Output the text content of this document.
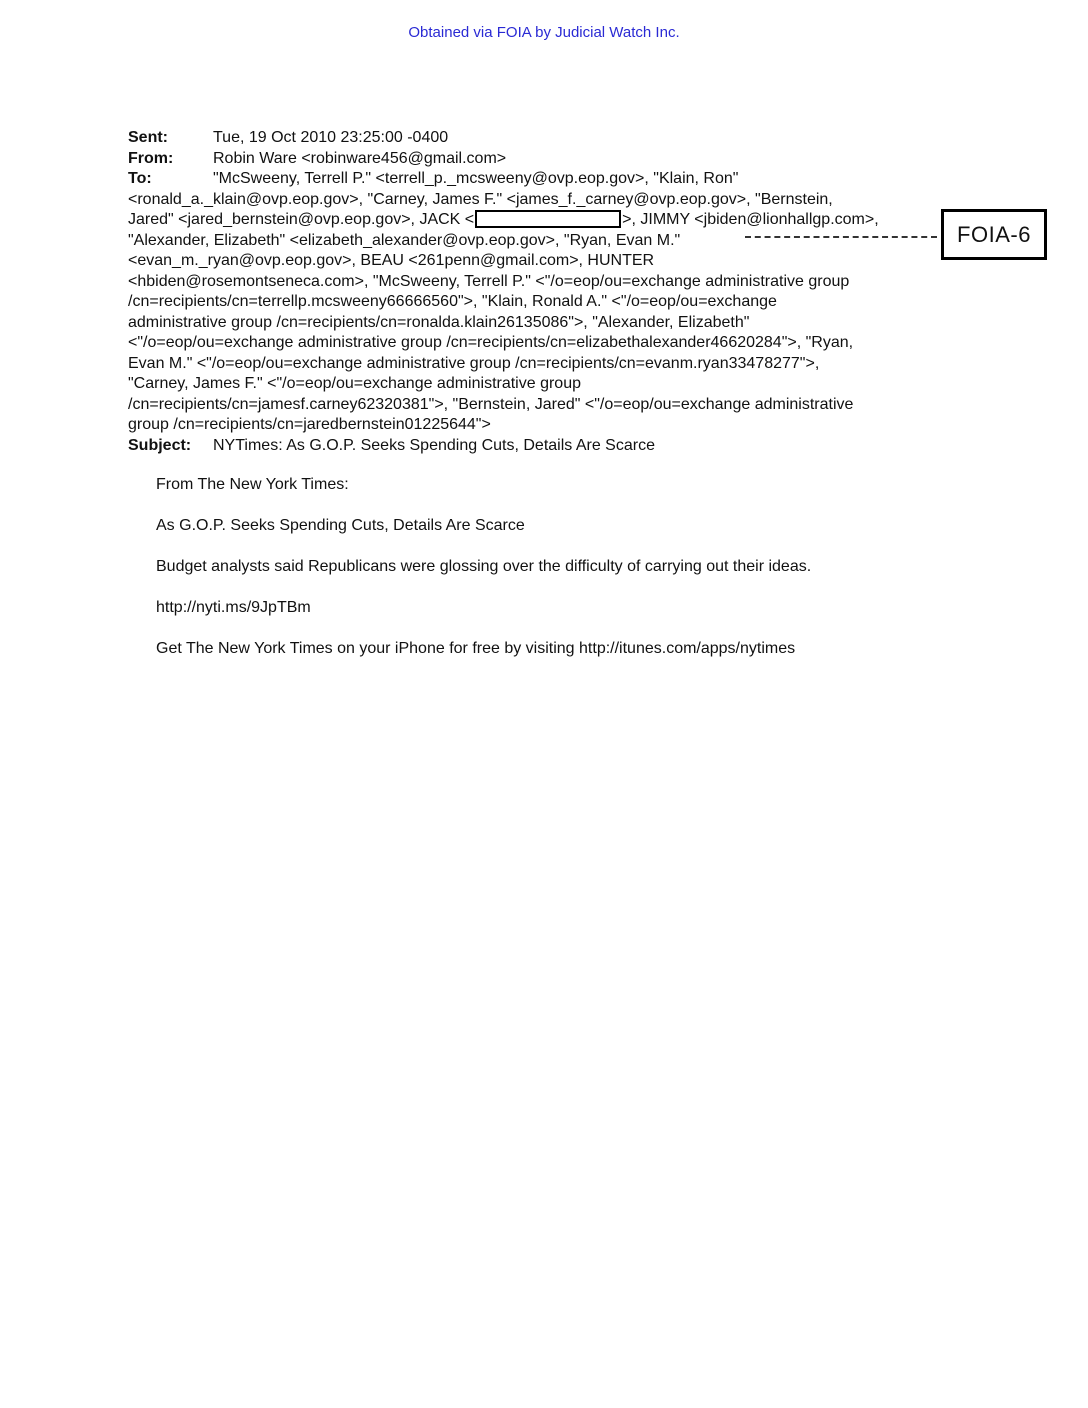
Obtained via FOIA by Judicial Watch Inc.
Sent:	Tue, 19 Oct 2010 23:25:00 -0400
From:	Robin Ware <robinware456@gmail.com>
To:	"McSweeny, Terrell P." <terrell_p._mcsweeny@ovp.eop.gov>, "Klain, Ron"
<ronald_a._klain@ovp.eop.gov>, "Carney, James F." <james_f._carney@ovp.eop.gov>, "Bernstein,
Jared" <jared_bernstein@ovp.eop.gov>, JACK <	>, JIMMY <jbiden@lionhallgp.com>,
"Alexander, Elizabeth" <elizabeth_alexander@ovp.eop.gov>, "Ryan, Evan M."
<evan_m._ryan@ovp.eop.gov>, BEAU <261penn@gmail.com>, HUNTER
<hbiden@rosemontseneca.com>, "McSweeny, Terrell P." <"/o=eop/ou=exchange administrative group
/cn=recipients/cn=terrellp.mcsweeny66666560">, "Klain, Ronald A." <"/o=eop/ou=exchange
administrative group /cn=recipients/cn=ronalda.klain26135086">, "Alexander, Elizabeth"
<"/o=eop/ou=exchange administrative group /cn=recipients/cn=elizabethalexander46620284">, "Ryan,
Evan M." <"/o=eop/ou=exchange administrative group /cn=recipients/cn=evanm.ryan33478277">,
"Carney, James F." <"/o=eop/ou=exchange administrative group
/cn=recipients/cn=jamesf.carney62320381">, "Bernstein, Jared" <"/o=eop/ou=exchange administrative
group /cn=recipients/cn=jaredbernstein01225644">
Subject:	NYTimes: As G.O.P. Seeks Spending Cuts, Details Are Scarce
FOIA-6

From The New York Times:

As G.O.P. Seeks Spending Cuts, Details Are Scarce

Budget analysts said Republicans were glossing over the difficulty of carrying out their ideas.

http://nyti.ms/9JpTBm

Get The New York Times on your iPhone for free by visiting http://itunes.com/apps/nytimes
